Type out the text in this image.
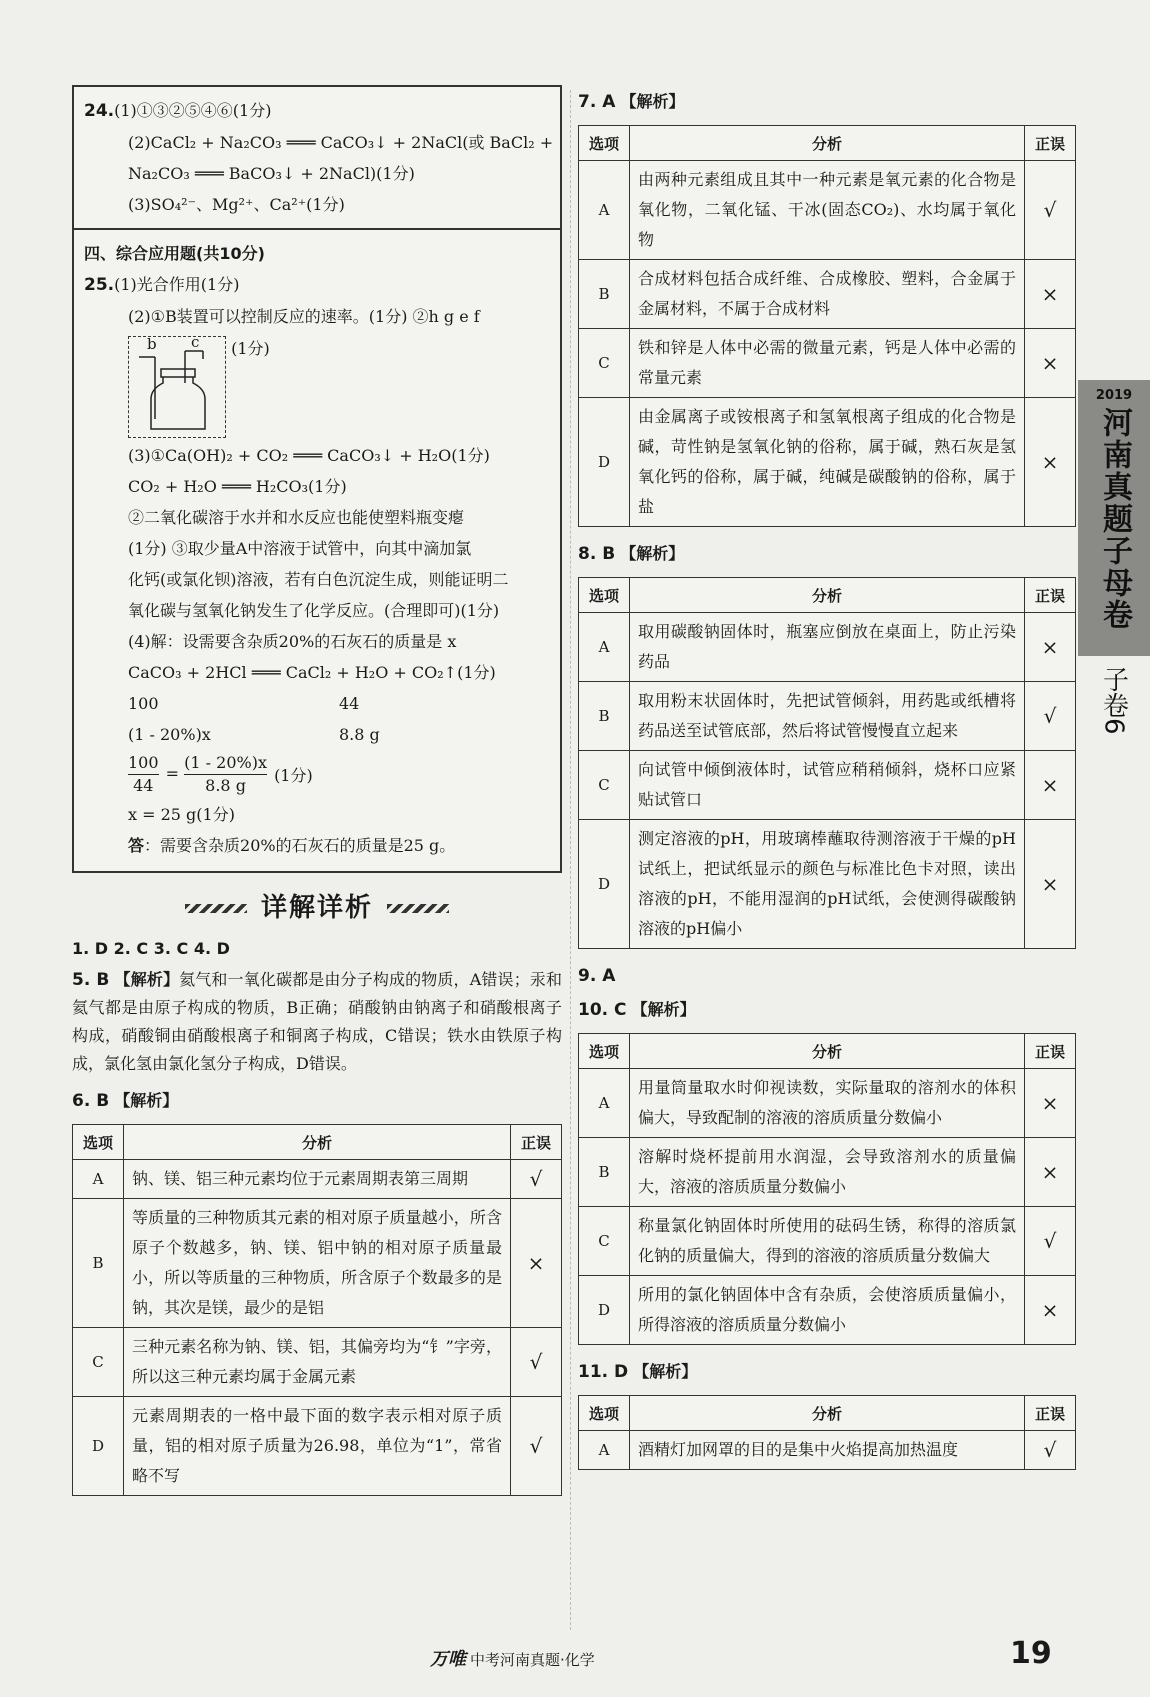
24.(1)①③②⑤④⑥(1分)
(2)CaCl₂ + Na₂CO₃ ═══ CaCO₃↓ + 2NaCl(或 BaCl₂ +
Na₂CO₃ ═══ BaCO₃↓ + 2NaCl)(1分)
(3)SO₄²⁻、Mg²⁺、Ca²⁺(1分)
四、综合应用题(共10分)
25.(1)光合作用(1分)
(2)①B装置可以控制反应的速率。(1分) ②h g e f
b c (1分)
(3)①Ca(OH)₂ + CO₂ ═══ CaCO₃↓ + H₂O(1分)
CO₂ + H₂O ═══ H₂CO₃(1分)
②二氧化碳溶于水并和水反应也能使塑料瓶变瘪
(1分) ③取少量A中溶液于试管中，向其中滴加氯
化钙(或氯化钡)溶液，若有白色沉淀生成，则能证明二
氧化碳与氢氧化钠发生了化学反应。(合理即可)(1分)
(4)解：设需要含杂质20%的石灰石的质量是 x
CaCO₃ + 2HCl ═══ CaCl₂ + H₂O + CO₂↑(1分)
100	44
(1 - 20%)x	8.8 g
$\frac{100}{44} = \frac{(1 - 20\%)x}{8.8 g} (1$分)
x = 25 g(1分)
答：需要含杂质20%的石灰石的质量是25 g。
详解详析
1. D 2. C 3. C 4. D
5. B 【解析】氦气和一氧化碳都是由分子构成的物质，A错误；汞和氦气都是由原子构成的物质，B正确；硝酸钠由钠离子和硝酸根离子构成，硝酸铜由硝酸根离子和铜离子构成，C错误；铁水由铁原子构成，氯化氢由氯化氢分子构成，D错误。
6. B 【解析】
选项	分析	正误
A	钠、镁、铝三种元素均位于元素周期表第三周期	√
B	等质量的三种物质其元素的相对原子质量越小，所含原子个数越多，钠、镁、铝中钠的相对原子质量最小，所以等质量的三种物质，所含原子个数最多的是钠，其次是镁，最少的是铝	×
C	三种元素名称为钠、镁、铝，其偏旁均为“钅”字旁，所以这三种元素均属于金属元素	√
D	元素周期表的一格中最下面的数字表示相对原子质量，铝的相对原子质量为26.98，单位为“1”，常省略不写	√
7. A 【解析】
选项	分析	正误
A	由两种元素组成且其中一种元素是氧元素的化合物是氧化物，二氧化锰、干冰(固态CO₂)、水均属于氧化物	√
B	合成材料包括合成纤维、合成橡胶、塑料，合金属于金属材料，不属于合成材料	×
C	铁和锌是人体中必需的微量元素，钙是人体中必需的常量元素	×
D	由金属离子或铵根离子和氢氧根离子组成的化合物是碱，苛性钠是氢氧化钠的俗称，属于碱，熟石灰是氢氧化钙的俗称，属于碱，纯碱是碳酸钠的俗称，属于盐	×
8. B 【解析】
选项	分析	正误
A	取用碳酸钠固体时，瓶塞应倒放在桌面上，防止污染药品	×
B	取用粉末状固体时，先把试管倾斜，用药匙或纸槽将药品送至试管底部，然后将试管慢慢直立起来	√
C	向试管中倾倒液体时，试管应稍稍倾斜，烧杯口应紧贴试管口	×
D	测定溶液的pH，用玻璃棒蘸取待测溶液于干燥的pH试纸上，把试纸显示的颜色与标准比色卡对照，读出溶液的pH，不能用湿润的pH试纸，会使测得碳酸钠溶液的pH偏小	×
9. A
10. C 【解析】
选项	分析	正误
A	用量筒量取水时仰视读数，实际量取的溶剂水的体积偏大，导致配制的溶液的溶质质量分数偏小	×
B	溶解时烧杯提前用水润湿，会导致溶剂水的质量偏大，溶液的溶质质量分数偏小	×
C	称量氯化钠固体时所使用的砝码生锈，称得的溶质氯化钠的质量偏大，得到的溶液的溶质质量分数偏大	√
D	所用的氯化钠固体中含有杂质，会使溶质质量偏小，所得溶液的溶质质量分数偏小	×
11. D 【解析】
选项	分析	正误
A	酒精灯加网罩的目的是集中火焰提高加热温度	√
2019
河南真题子母卷
子卷6
万唯 中考河南真题·化学	19
